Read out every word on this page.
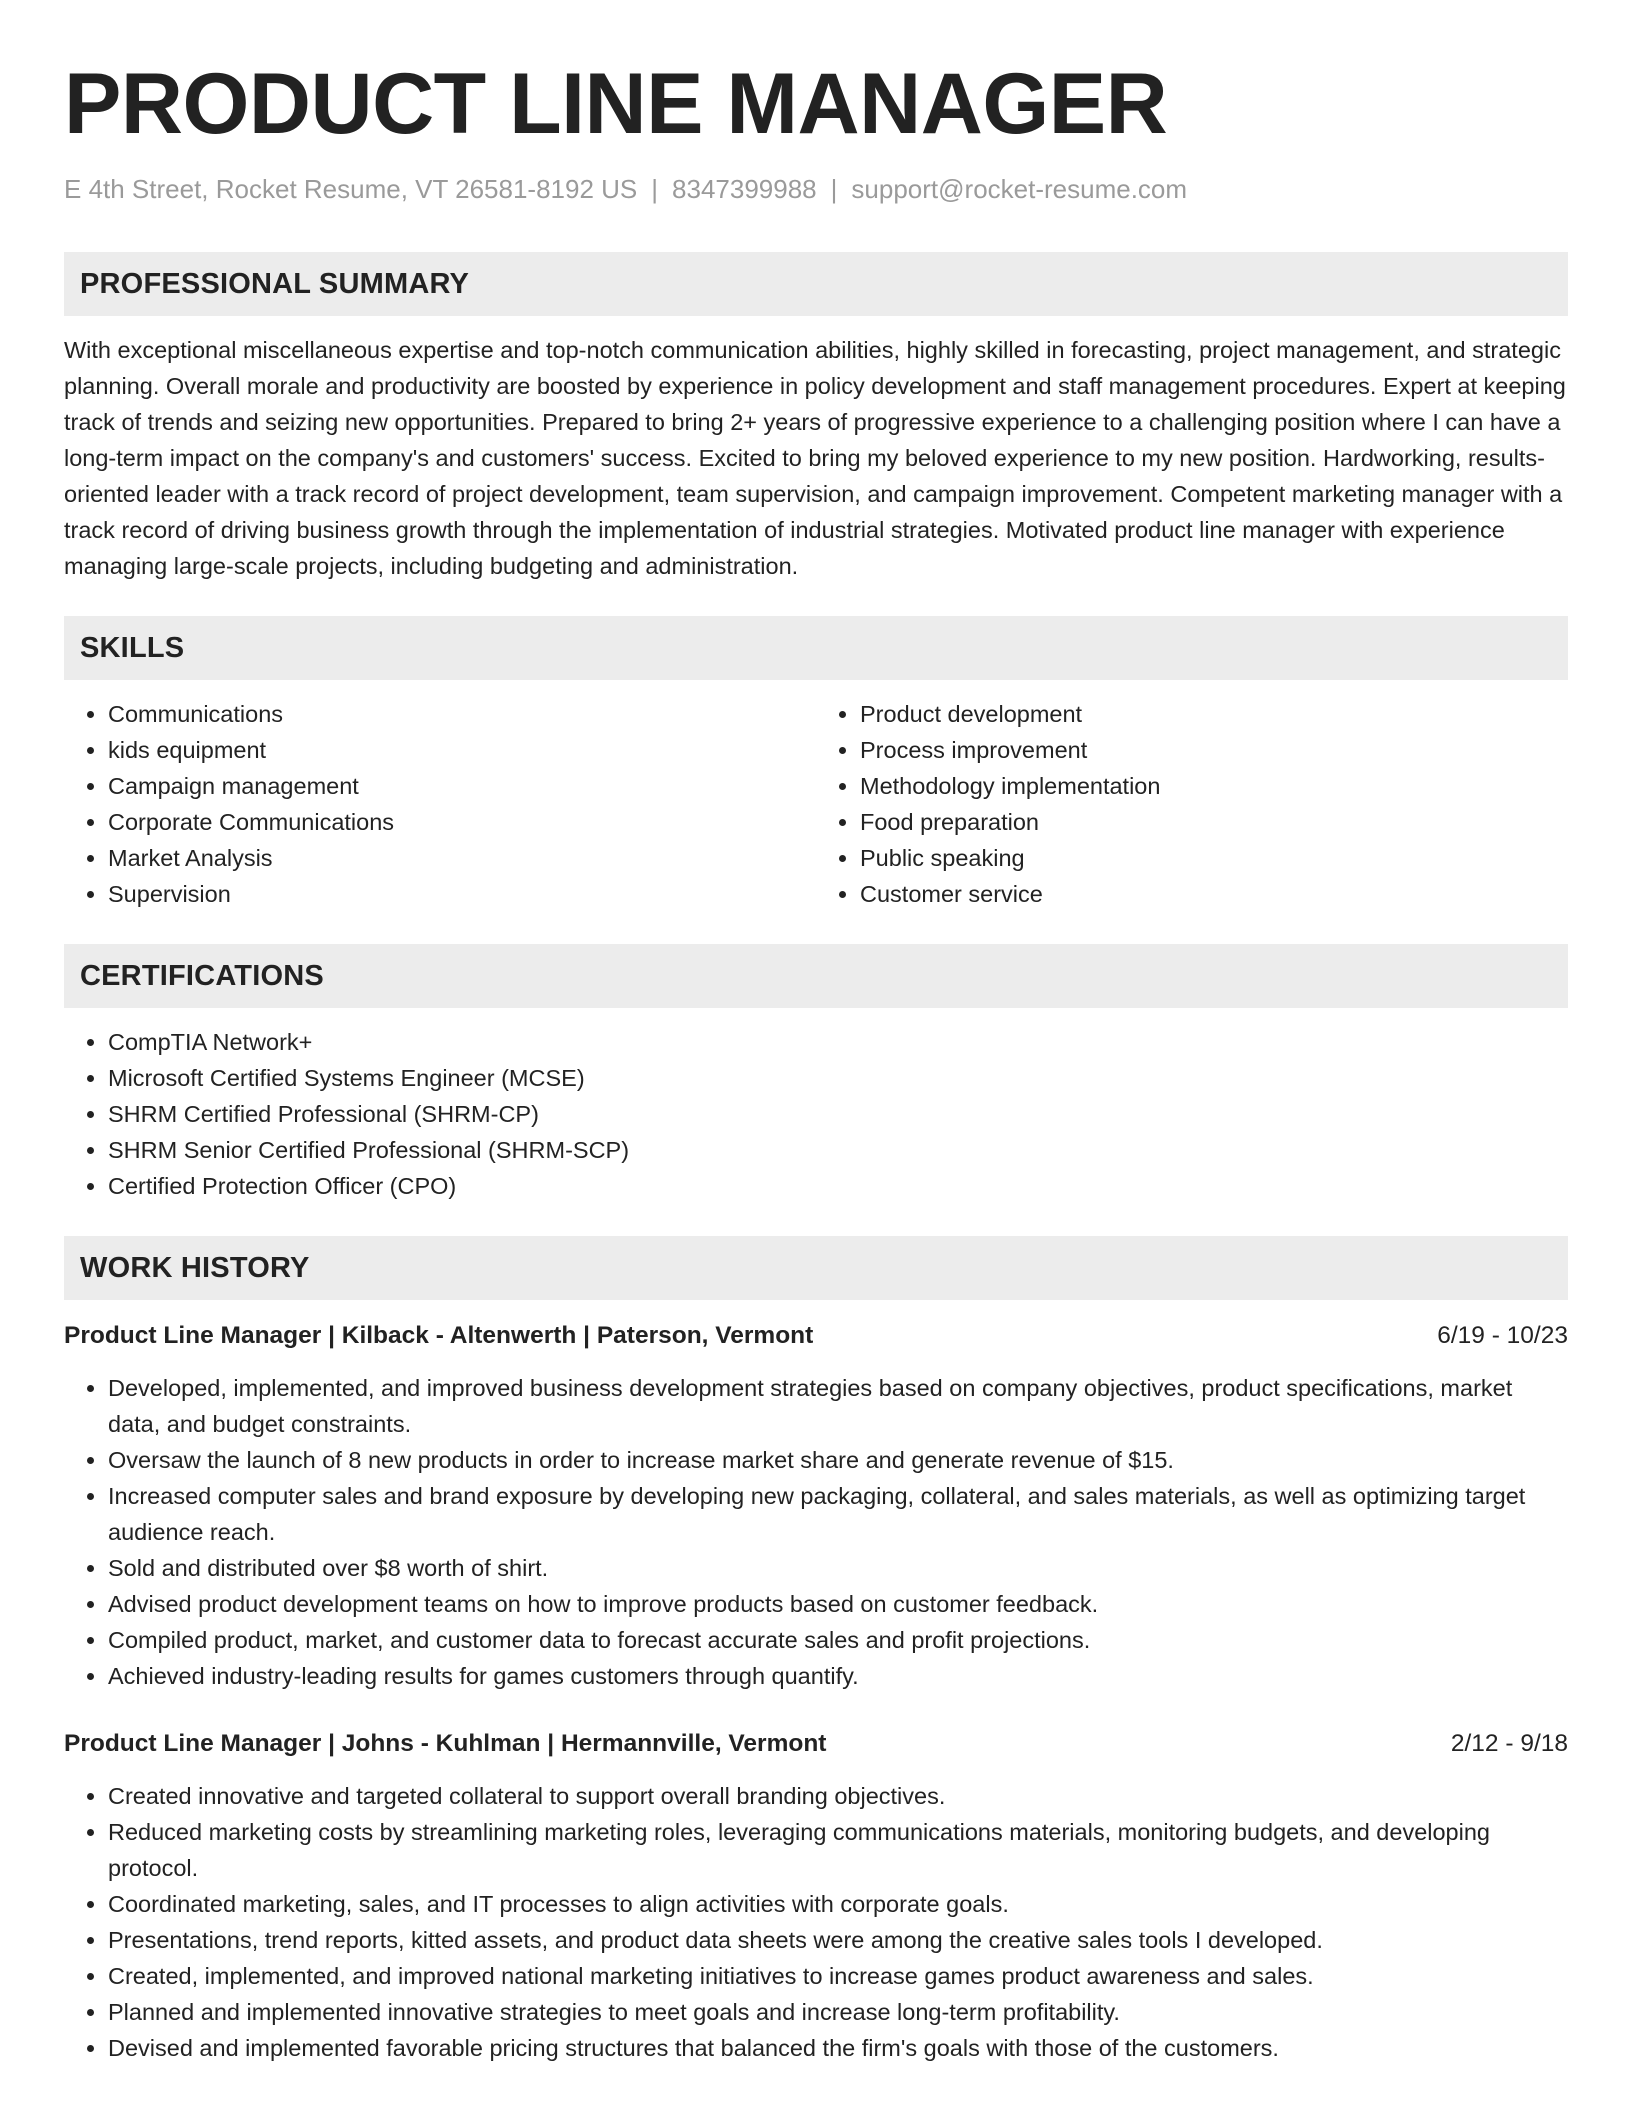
PRODUCT LINE MANAGER
E 4th Street, Rocket Resume, VT 26581-8192 US | 8347399988 | support@rocket-resume.com
PROFESSIONAL SUMMARY
With exceptional miscellaneous expertise and top-notch communication abilities, highly skilled in forecasting, project management, and strategic planning. Overall morale and productivity are boosted by experience in policy development and staff management procedures. Expert at keeping track of trends and seizing new opportunities. Prepared to bring 2+ years of progressive experience to a challenging position where I can have a long-term impact on the company's and customers' success. Excited to bring my beloved experience to my new position. Hardworking, results-oriented leader with a track record of project development, team supervision, and campaign improvement. Competent marketing manager with a track record of driving business growth through the implementation of industrial strategies. Motivated product line manager with experience managing large-scale projects, including budgeting and administration.
SKILLS
• Communications
• kids equipment
• Campaign management
• Corporate Communications
• Market Analysis
• Supervision
• Product development
• Process improvement
• Methodology implementation
• Food preparation
• Public speaking
• Customer service
CERTIFICATIONS
• CompTIA Network+
• Microsoft Certified Systems Engineer (MCSE)
• SHRM Certified Professional (SHRM-CP)
• SHRM Senior Certified Professional (SHRM-SCP)
• Certified Protection Officer (CPO)
WORK HISTORY
Product Line Manager | Kilback - Altenwerth | Paterson, Vermont	6/19 - 10/23
• Developed, implemented, and improved business development strategies based on company objectives, product specifications, market data, and budget constraints.
• Oversaw the launch of 8 new products in order to increase market share and generate revenue of $15.
• Increased computer sales and brand exposure by developing new packaging, collateral, and sales materials, as well as optimizing target audience reach.
• Sold and distributed over $8 worth of shirt.
• Advised product development teams on how to improve products based on customer feedback.
• Compiled product, market, and customer data to forecast accurate sales and profit projections.
• Achieved industry-leading results for games customers through quantify.
Product Line Manager | Johns - Kuhlman | Hermannville, Vermont	2/12 - 9/18
• Created innovative and targeted collateral to support overall branding objectives.
• Reduced marketing costs by streamlining marketing roles, leveraging communications materials, monitoring budgets, and developing protocol.
• Coordinated marketing, sales, and IT processes to align activities with corporate goals.
• Presentations, trend reports, kitted assets, and product data sheets were among the creative sales tools I developed.
• Created, implemented, and improved national marketing initiatives to increase games product awareness and sales.
• Planned and implemented innovative strategies to meet goals and increase long-term profitability.
• Devised and implemented favorable pricing structures that balanced the firm's goals with those of the customers.
